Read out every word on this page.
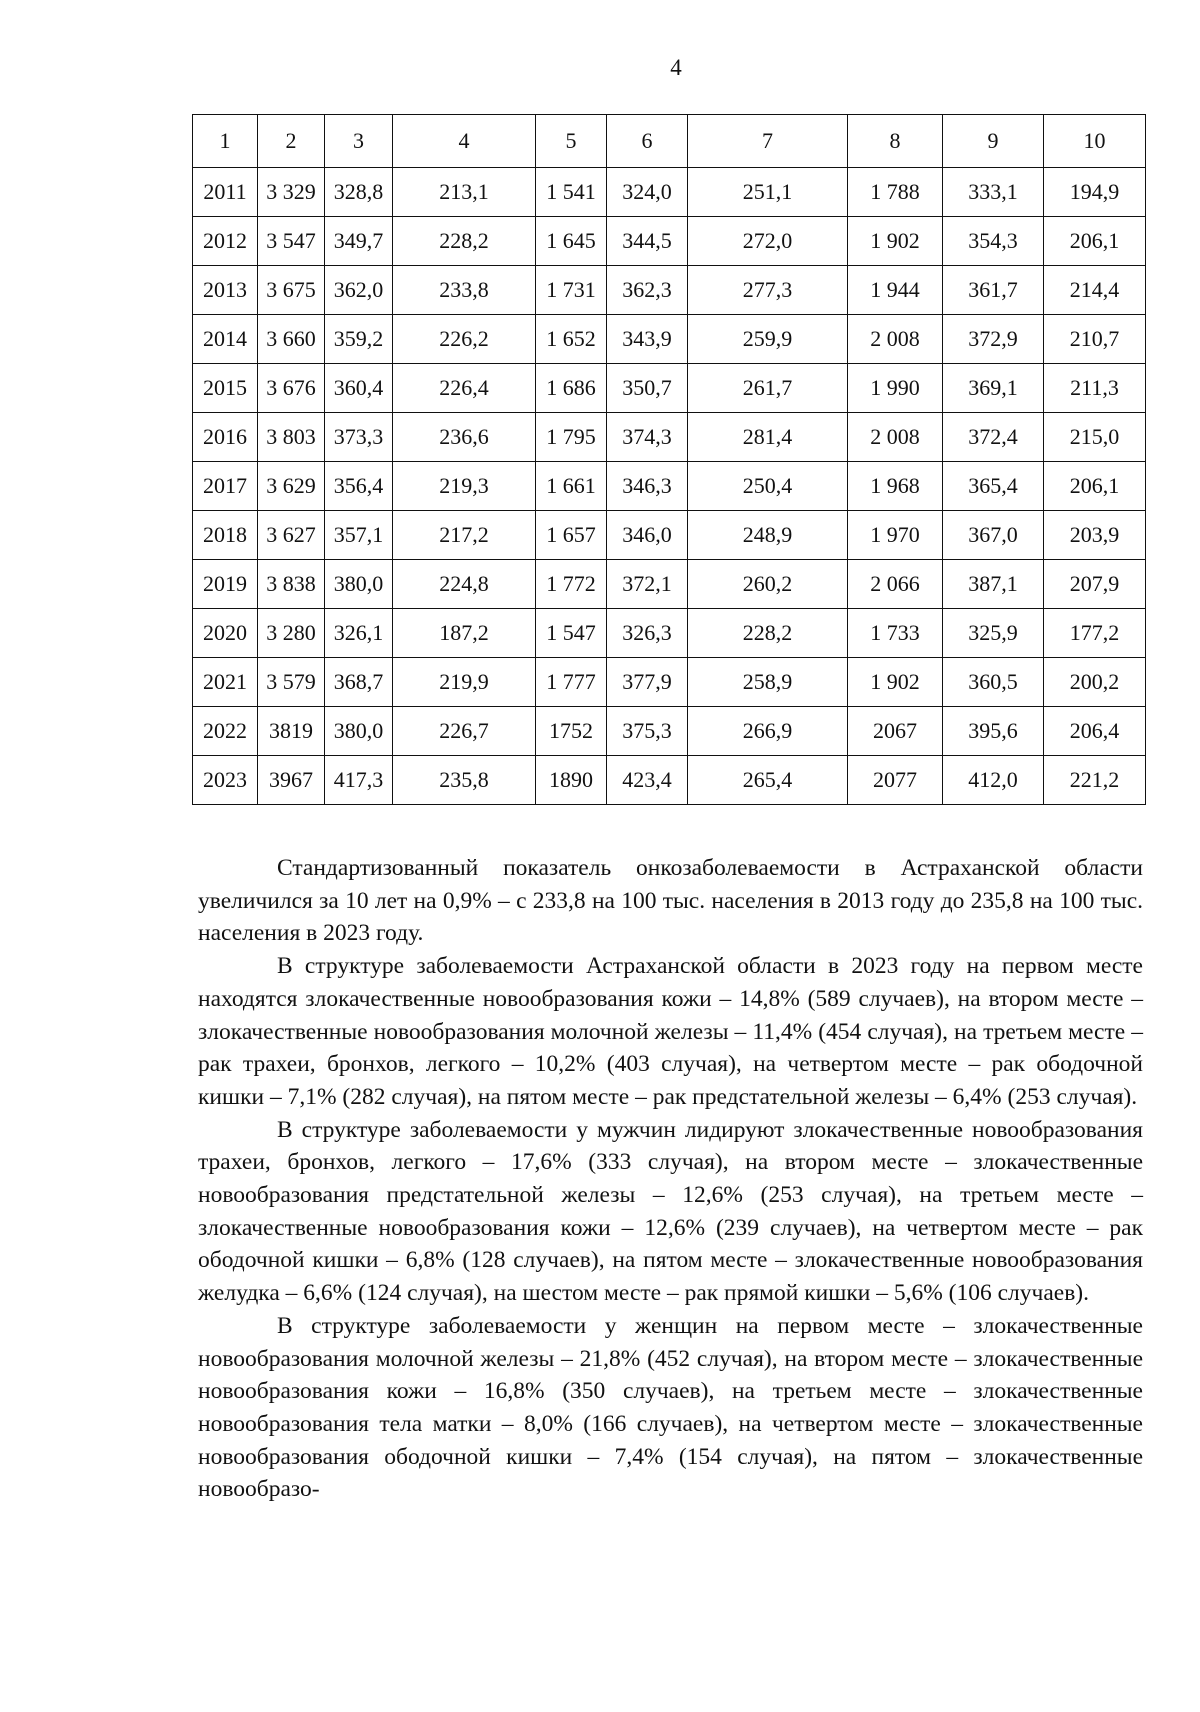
4
1	2	3	4	5	6	7	8	9	10
2011	3 329	328,8	213,1	1 541	324,0	251,1	1 788	333,1	194,9
2012	3 547	349,7	228,2	1 645	344,5	272,0	1 902	354,3	206,1
2013	3 675	362,0	233,8	1 731	362,3	277,3	1 944	361,7	214,4
2014	3 660	359,2	226,2	1 652	343,9	259,9	2 008	372,9	210,7
2015	3 676	360,4	226,4	1 686	350,7	261,7	1 990	369,1	211,3
2016	3 803	373,3	236,6	1 795	374,3	281,4	2 008	372,4	215,0
2017	3 629	356,4	219,3	1 661	346,3	250,4	1 968	365,4	206,1
2018	3 627	357,1	217,2	1 657	346,0	248,9	1 970	367,0	203,9
2019	3 838	380,0	224,8	1 772	372,1	260,2	2 066	387,1	207,9
2020	3 280	326,1	187,2	1 547	326,3	228,2	1 733	325,9	177,2
2021	3 579	368,7	219,9	1 777	377,9	258,9	1 902	360,5	200,2
2022	3819	380,0	226,7	1752	375,3	266,9	2067	395,6	206,4
2023	3967	417,3	235,8	1890	423,4	265,4	2077	412,0	221,2

Стандартизованный показатель онкозаболеваемости в Астраханской области увеличился за 10 лет на 0,9% – с 233,8 на 100 тыс. населения в 2013 году до 235,8 на 100 тыс. населения в 2023 году.

В структуре заболеваемости Астраханской области в 2023 году на первом месте находятся злокачественные новообразования кожи – 14,8% (589 случаев), на втором месте – злокачественные новообразования молочной железы – 11,4% (454 случая), на третьем месте – рак трахеи, бронхов, легкого – 10,2% (403 случая), на четвертом месте – рак ободочной кишки – 7,1% (282 случая), на пятом месте – рак предстательной железы – 6,4% (253 случая).

В структуре заболеваемости у мужчин лидируют злокачественные новообразования трахеи, бронхов, легкого – 17,6% (333 случая), на втором месте – злокачественные новообразования предстательной железы – 12,6% (253 случая), на третьем месте – злокачественные новообразования кожи – 12,6% (239 случаев), на четвертом месте – рак ободочной кишки – 6,8% (128 случаев), на пятом месте – злокачественные новообразования желудка – 6,6% (124 случая), на шестом месте – рак прямой кишки – 5,6% (106 случаев).

В структуре заболеваемости у женщин на первом месте – злокачественные новообразования молочной железы – 21,8% (452 случая), на втором месте – злокачественные новообразования кожи – 16,8% (350 случаев), на третьем месте – злокачественные новообразования тела матки – 8,0% (166 случаев), на четвертом месте – злокачественные новообразования ободочной кишки – 7,4% (154 случая), на пятом – злокачественные новообразо-
